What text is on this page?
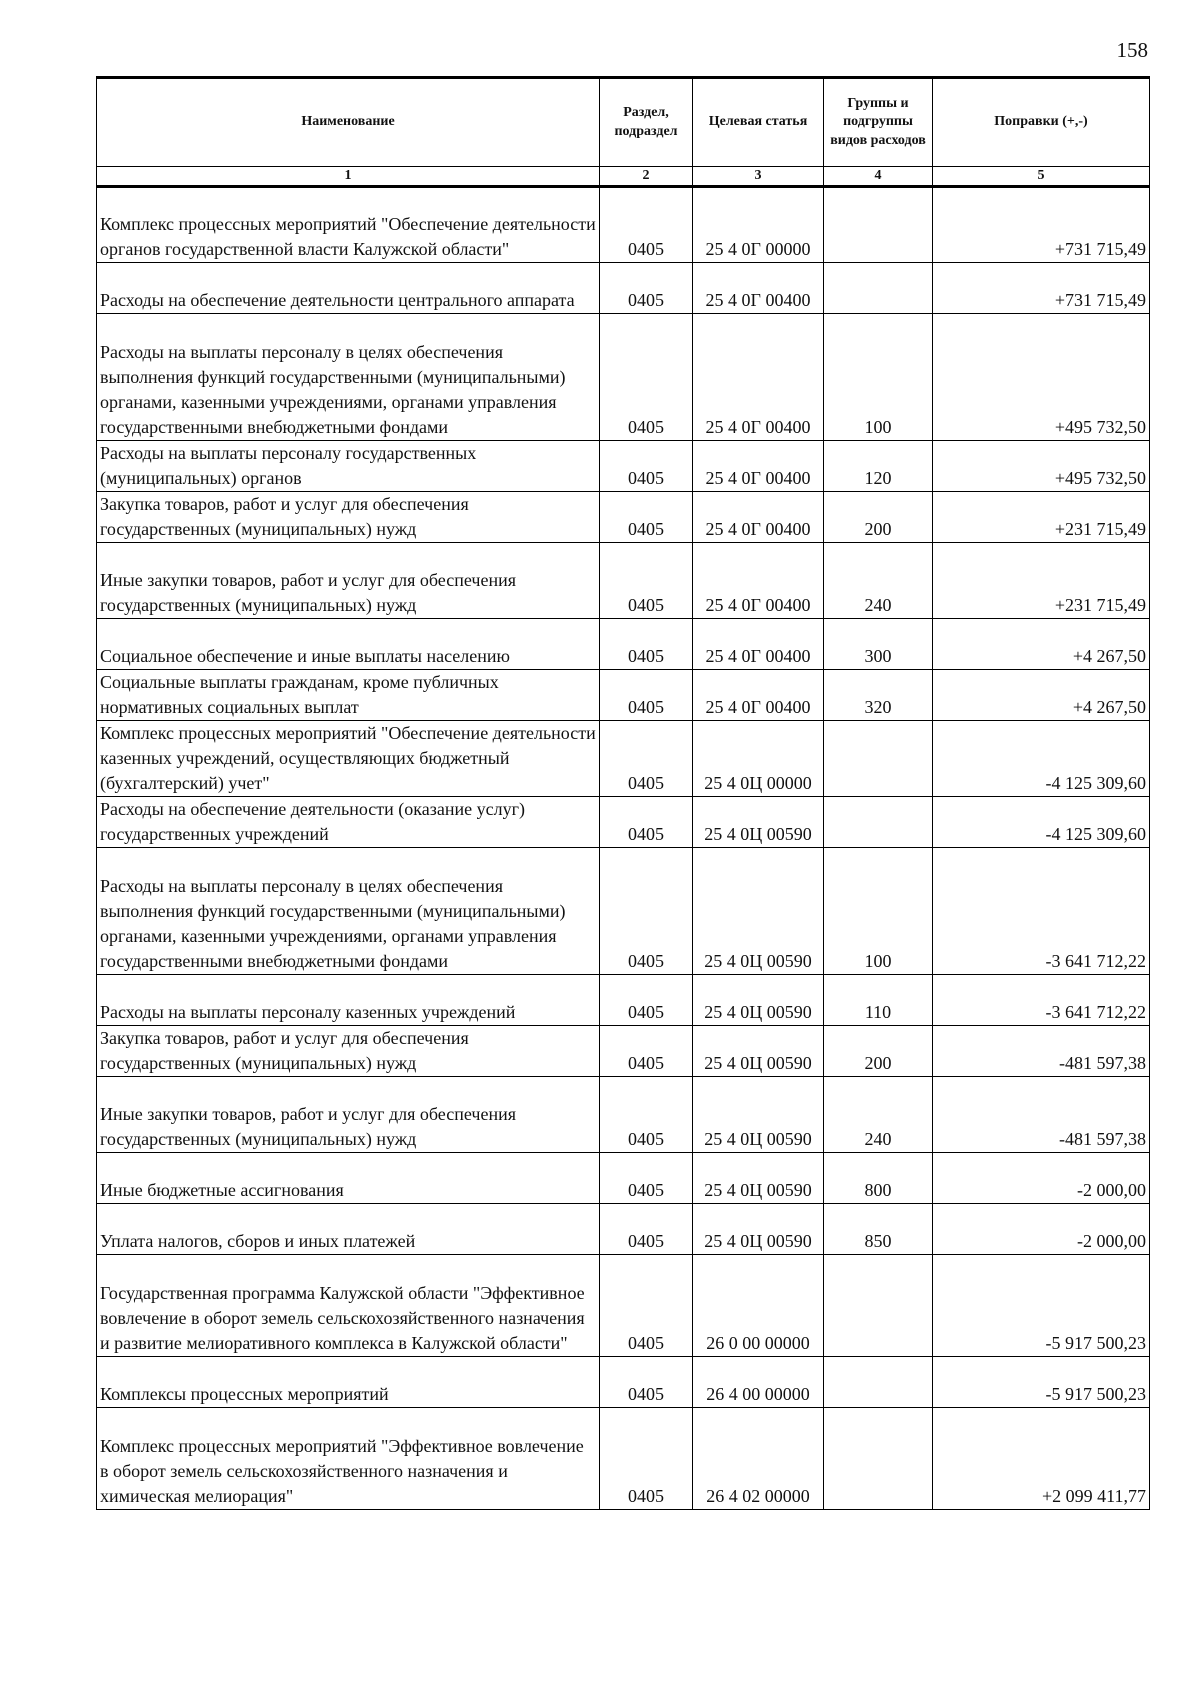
158
Наименование	Раздел, подраздел	Целевая статья	Группы и подгруппы видов расходов	Поправки (+,-)
1	2	3	4	5
Комплекс процессных мероприятий "Обеспечение деятельности органов государственной власти Калужской области"	0405	25 4 0Г 00000		+731 715,49
Расходы на обеспечение деятельности центрального аппарата	0405	25 4 0Г 00400		+731 715,49
Расходы на выплаты персоналу в целях обеспечения выполнения функций государственными (муниципальными) органами, казенными учреждениями, органами управления государственными внебюджетными фондами	0405	25 4 0Г 00400	100	+495 732,50
Расходы на выплаты персоналу государственных (муниципальных) органов	0405	25 4 0Г 00400	120	+495 732,50
Закупка товаров, работ и услуг для обеспечения государственных (муниципальных) нужд	0405	25 4 0Г 00400	200	+231 715,49
Иные закупки товаров, работ и услуг для обеспечения государственных (муниципальных) нужд	0405	25 4 0Г 00400	240	+231 715,49
Социальное обеспечение и иные выплаты населению	0405	25 4 0Г 00400	300	+4 267,50
Социальные выплаты гражданам, кроме публичных нормативных социальных выплат	0405	25 4 0Г 00400	320	+4 267,50
Комплекс процессных мероприятий "Обеспечение деятельности казенных учреждений, осуществляющих бюджетный (бухгалтерский) учет"	0405	25 4 0Ц 00000		-4 125 309,60
Расходы на обеспечение деятельности (оказание услуг) государственных учреждений	0405	25 4 0Ц 00590		-4 125 309,60
Расходы на выплаты персоналу в целях обеспечения выполнения функций государственными (муниципальными) органами, казенными учреждениями, органами управления государственными внебюджетными фондами	0405	25 4 0Ц 00590	100	-3 641 712,22
Расходы на выплаты персоналу казенных учреждений	0405	25 4 0Ц 00590	110	-3 641 712,22
Закупка товаров, работ и услуг для обеспечения государственных (муниципальных) нужд	0405	25 4 0Ц 00590	200	-481 597,38
Иные закупки товаров, работ и услуг для обеспечения государственных (муниципальных) нужд	0405	25 4 0Ц 00590	240	-481 597,38
Иные бюджетные ассигнования	0405	25 4 0Ц 00590	800	-2 000,00
Уплата налогов, сборов и иных платежей	0405	25 4 0Ц 00590	850	-2 000,00
Государственная программа Калужской области "Эффективное вовлечение в оборот земель сельскохозяйственного назначения и развитие мелиоративного комплекса в Калужской области"	0405	26 0 00 00000		-5 917 500,23
Комплексы процессных мероприятий	0405	26 4 00 00000		-5 917 500,23
Комплекс процессных мероприятий "Эффективное вовлечение в оборот земель сельскохозяйственного назначения и химическая мелиорация"	0405	26 4 02 00000		+2 099 411,77
